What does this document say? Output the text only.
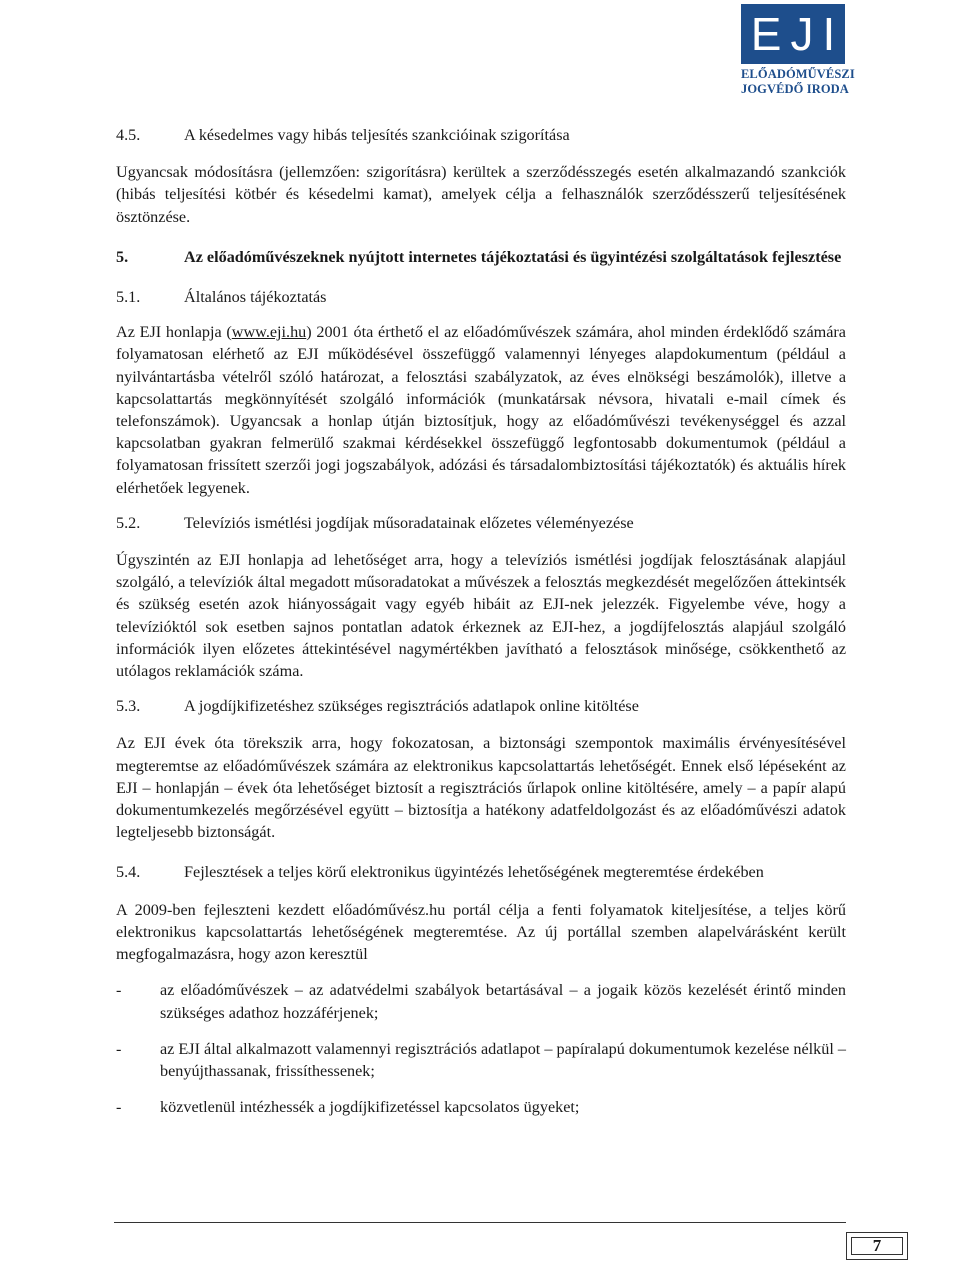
EJI
ELŐADÓMŰVÉSZI
JOGVÉDŐ IRODA
4.5.	A késedelmes vagy hibás teljesítés szankcióinak szigorítása

Ugyancsak módosításra (jellemzően: szigorításra) kerültek a szerződésszegés esetén alkalmazandó szankciók (hibás teljesítési kötbér és késedelmi kamat), amelyek célja a felhasználók szerződésszerű teljesítésének ösztönzése.

5.	Az előadóművészeknek nyújtott internetes tájékoztatási és ügyintézési szolgáltatások fejlesztése
5.1.	Általános tájékoztatás

Az EJI honlapja (www.eji.hu) 2001 óta érthető el az előadóművészek számára, ahol minden érdeklődő számára folyamatosan elérhető az EJI működésével összefüggő valamennyi lényeges alapdokumentum (például a nyilvántartásba vételről szóló határozat, a felosztási szabályzatok, az éves elnökségi beszámolók), illetve a kapcsolattartás megkönnyítését szolgáló információk (munkatársak névsora, hivatali e-mail címek és telefonszámok). Ugyancsak a honlap útján biztosítjuk, hogy az előadóművészi tevékenységgel és azzal kapcsolatban gyakran felmerülő szakmai kérdésekkel összefüggő legfontosabb dokumentumok (például a folyamatosan frissített szerzői jogi jogszabályok, adózási és társadalombiztosítási tájékoztatók) és aktuális hírek elérhetőek legyenek.

5.2.	Televíziós ismétlési jogdíjak műsoradatainak előzetes véleményezése

Úgyszintén az EJI honlapja ad lehetőséget arra, hogy a televíziós ismétlési jogdíjak felosztásának alapjául szolgáló, a televíziók által megadott műsoradatokat a művészek a felosztás megkezdését megelőzően áttekintsék és szükség esetén azok hiányosságait vagy egyéb hibáit az EJI-nek jelezzék. Figyelembe véve, hogy a televízióktól sok esetben sajnos pontatlan adatok érkeznek az EJI-hez, a jogdíjfelosztás alapjául szolgáló információk ilyen előzetes áttekintésével nagymértékben javítható a felosztások minősége, csökkenthető az utólagos reklamációk száma.

5.3.	A jogdíjkifizetéshez szükséges regisztrációs adatlapok online kitöltése

Az EJI évek óta törekszik arra, hogy fokozatosan, a biztonsági szempontok maximális érvényesítésével megteremtse az előadóművészek számára az elektronikus kapcsolattartás lehetőségét. Ennek első lépéseként az EJI – honlapján – évek óta lehetőséget biztosít a regisztrációs űrlapok online kitöltésére, amely – a papír alapú dokumentumkezelés megőrzésével együtt – biztosítja a hatékony adatfeldolgozást és az előadóművészi adatok legteljesebb biztonságát.

5.4.	Fejlesztések a teljes körű elektronikus ügyintézés lehetőségének megteremtése érdekében

A 2009-ben fejleszteni kezdett előadóművész.hu portál célja a fenti folyamatok kiteljesítése, a teljes körű elektronikus kapcsolattartás lehetőségének megteremtése. Az új portállal szemben alapelvárásként került megfogalmazásra, hogy azon keresztül

-	az előadóművészek – az adatvédelmi szabályok betartásával – a jogaik közös kezelését érintő minden szükséges adathoz hozzáférjenek;
-	az EJI által alkalmazott valamennyi regisztrációs adatlapot – papíralapú dokumentumok kezelése nélkül – benyújthassanak, frissíthessenek;
-	közvetlenül intézhessék a jogdíjkifizetéssel kapcsolatos ügyeket;
7
